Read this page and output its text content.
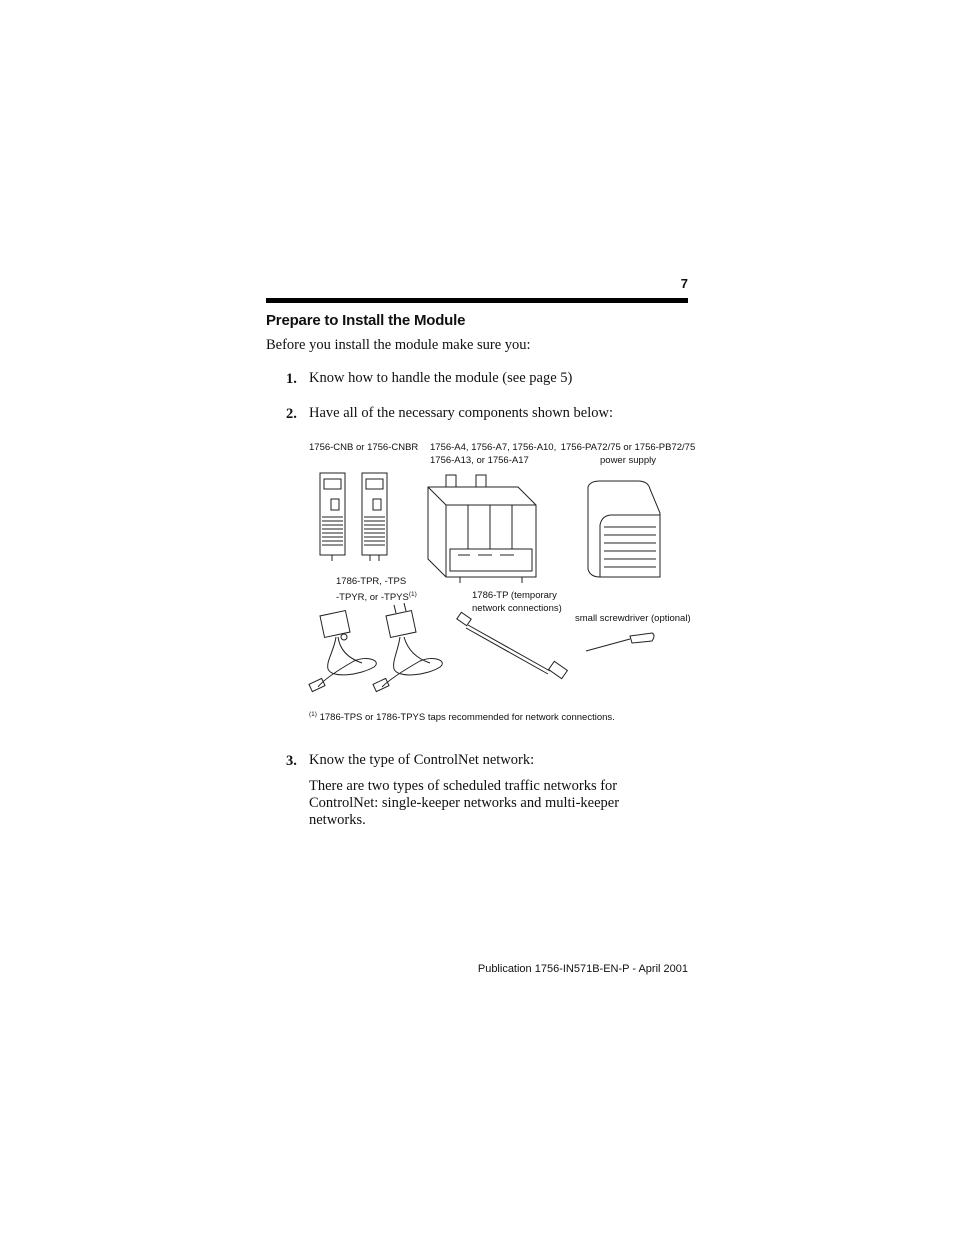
7
Prepare to Install the Module
Before you install the module make sure you:
1. Know how to handle the module (see page 5)
2. Have all of the necessary components shown below:
1756-CNB or 1756-CNBR 1756-A4, 1756-A7, 1756-A10,
1756-A13, or 1756-A17
1756-PA72/75 or 1756-PB72/75
power supply
1786-TPR, -TPS
-TPYR, or -TPYS$^{(1)}$	1786-TP (temporary
network connections)
small screwdriver (optional)
$^{(1)}$ 1786-TPS or 1786-TPYS taps recommended for network connections.
3. Know the type of ControlNet network:
There are two types of scheduled traffic networks for ControlNet: single-keeper networks and multi-keeper networks.
Publication 1756-IN571B-EN-P - April 2001
